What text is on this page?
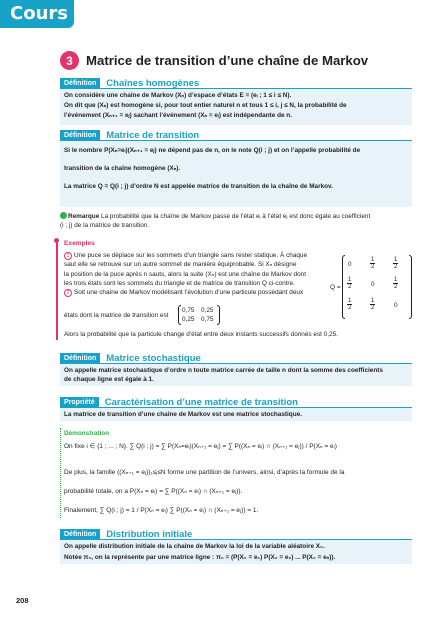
Cours
3 Matrice de transition d’une chaîne de Markov
Définition	Chaînes homogènes
On considère une chaîne de Markov (Xₙ) d’espace d’états E = (eᵢ ; 1 ≤ i ≤ N).
On dit que (Xₙ) est homogène si, pour tout entier naturel n et tous 1 ≤ i, j ≤ N, la probabilité de
l’événement (Xₙ₊₁ = eⱼ) sachant l’événement (Xₙ = eᵢ) est indépendante de n.
Définition	Matrice de transition
Si le nombre P(Xₙ=eᵢ)(Xₙ₊₁ = eⱼ) ne dépend pas de n, on le note Q(i ; j) et on l’appelle probabilité de
transition de la chaîne homogène (Xₙ).
La matrice Q = Q(i ; j) d’ordre N est appelée matrice de transition de la chaîne de Markov.
Remarque La probabilité que la chaîne de Markov passe de l’état eᵢ à l’état eⱼ est donc égale au coefficient
(i ; j) de la matrice de transition.
Exemples
1 Une puce se déplace sur les sommets d’un triangle sans rester statique. À chaque
saut elle se retrouve sur un autre sommet de manière équiprobable. Si Xₙ désigne
la position de la puce après n sauts, alors la suite (Xₙ) est une chaîne de Markov dont
les trois états sont les sommets du triangle et de matrice de transition Q ci-contre.
2 Soit une chaîne de Markov modélisant l’évolution d’une particule possédant deux
états dont la matrice de transition est
0,75 0,25
0,25 0,75
Alors la probabilité que la particule change d’état entre deux instants successifs donnés est 0,25.
Q =
0	$\frac{1}{2}$	$\frac{1}{2}$
$\frac{1}{2}$	0	$\frac{1}{2}$
$\frac{1}{2}$	$\frac{1}{2}$	0
Définition	Matrice stochastique
On appelle matrice stochastique d’ordre n toute matrice carrée de taille n dont la somme des coefficients
de chaque ligne est égale à 1.
Propriété	Caractérisation d’une matrice de transition
La matrice de transition d’une chaîne de Markov est une matrice stochastique.
Démonstration
On fixe i ∈ {1 ; ... ; N}. ∑ Q(i ; j) = ∑ P(Xₙ=eᵢ)(Xₙ₊₁ = eⱼ) = ∑ P((Xₙ = eᵢ) ∩ (Xₙ₊₁ = eⱼ)) / P(Xₙ = eᵢ)
De plus, la famille ((Xₙ₊₁ = eⱼ))₁≤ⱼ≤N forme une partition de l’univers, ainsi, d’après la formule de la
probabilité totale, on a P(Xₙ = eᵢ) = ∑ P((Xₙ = eᵢ) ∩ (Xₙ₊₁ = eⱼ)).
Finalement, ∑ Q(i ; j) = 1 / P(Xₙ = eᵢ) ∑ P((Xₙ = eᵢ) ∩ (Xₙ₊₁ = eⱼ)) = 1.
Définition	Distribution initiale
On appelle distribution initiale de la chaîne de Markov la loi de la variable aléatoire X₀.
Notée π₀, on la représente par une matrice ligne : π₀ = (P(X₀ = e₁) P(X₀ = e₂) ... P(X₀ = eₙ)).
208
